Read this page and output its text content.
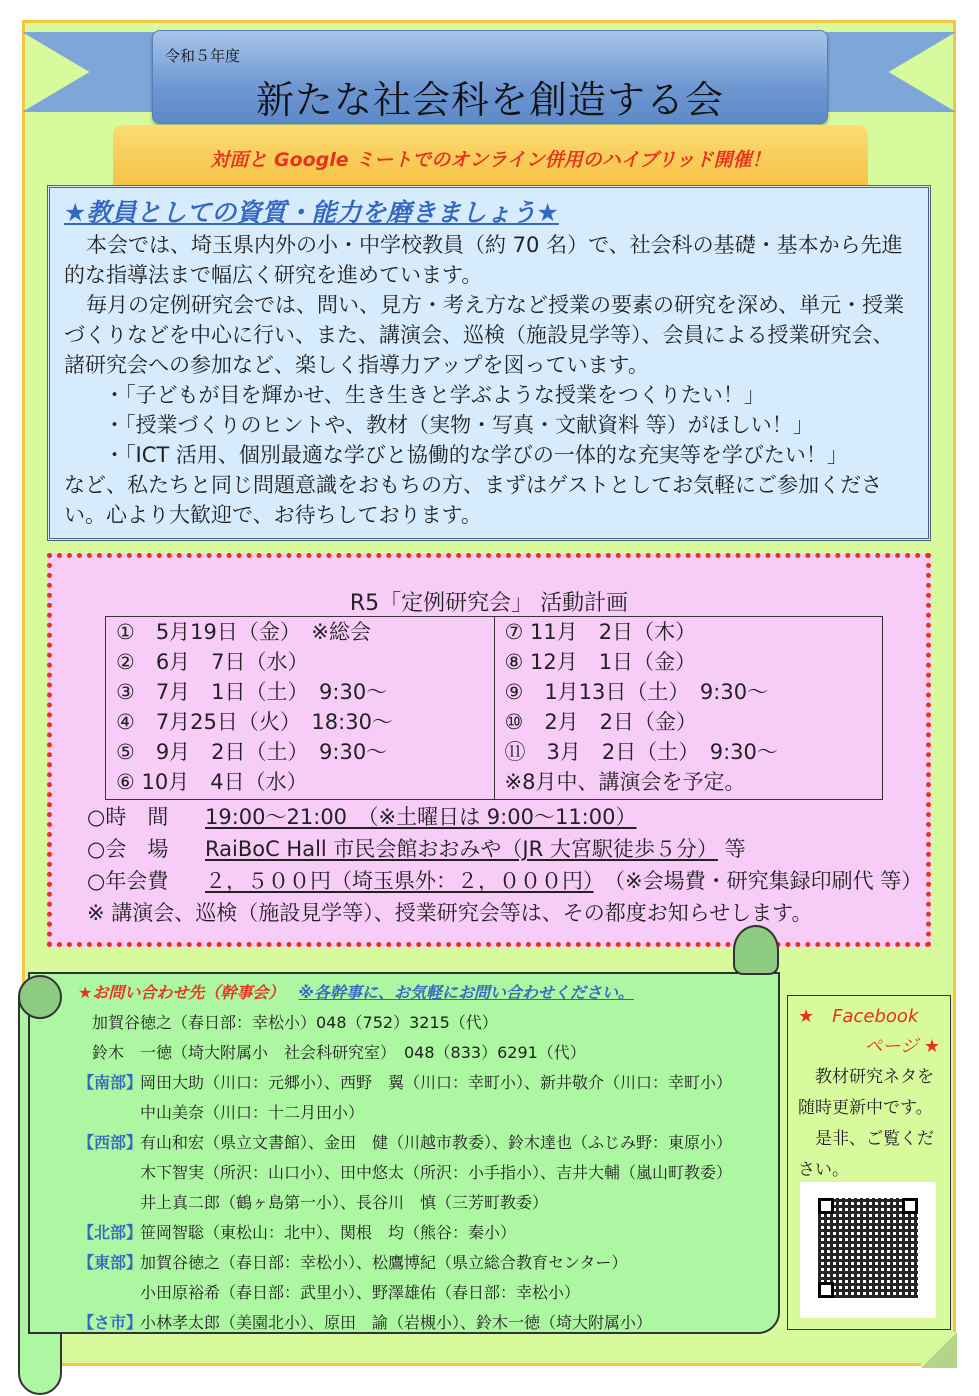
令和５年度
新たな社会科を創造する会
対面と Google ミートでのオンライン併用のハイブリッド開催！
★教員としての資質・能力を磨きましょう★

本会では、埼玉県内外の小・中学校教員（約 70 名）で、社会科の基礎・基本から先進的な指導法まで幅広く研究を進めています。

毎月の定例研究会では、問い、見方・考え方など授業の要素の研究を深め、単元・授業づくりなどを中心に行い、また、講演会、巡検（施設見学等）、会員による授業研究会、諸研究会への参加など、楽しく指導力アップを図っています。

・「子どもが目を輝かせ、生き生きと学ぶような授業をつくりたい！」

・「授業づくりのヒントや、教材（実物・写真・文献資料 等）がほしい！」

・「ICT 活用、個別最適な学びと協働的な学びの一体的な充実等を学びたい！」

など、私たちと同じ問題意識をおもちの方、まずはゲストとしてお気軽にご参加ください。心より大歓迎で、お待ちしております。

R5「定例研究会」 活動計画
①　5月19日（金）　※総会
②　6月　7日（水）
③　7月　1日（土）　9:30～
④　7月25日（火）　18:30～
⑤　9月　2日（土）　9:30～
⑥ 10月　4日（水）
⑦ 11月　2日（木）
⑧ 12月　1日（金）
⑨　1月13日（土）　9:30～
⑩　2月　2日（金）
⑪　3月　2日（土）　9:30～
※8月中、講演会を予定。
○時　間 19:00～21:00　（※土曜日は 9:00～11:00）
○会　場 RaiBoC Hall 市民会館おおみや（JR 大宮駅徒歩５分） 等
○年会費 ２，５００円（埼玉県外：２，０００円）　（※会場費・研究集録印刷代 等）
※ 講演会、巡検（施設見学等）、授業研究会等は、その都度お知らせします。
★お問い合わせ先（幹事会） ※各幹事に、お気軽にお問い合わせください。
加賀谷徳之（春日部：幸松小）048（752）3215（代）
鈴木　一徳（埼大附属小　社会科研究室）　048（833）6291（代）
【南部】岡田大助（川口：元郷小）、西野　翼（川口：幸町小）、新井敬介（川口：幸町小）
中山美奈（川口：十二月田小）
【西部】有山和宏（県立文書館）、金田　健（川越市教委）、鈴木達也（ふじみ野：東原小）
木下智実（所沢：山口小）、田中悠太（所沢：小手指小）、吉井大輔（嵐山町教委）
井上真二郎（鶴ヶ島第一小）、長谷川　慎（三芳町教委）
【北部】笹岡智聡（東松山：北中）、関根　均（熊谷：秦小）
【東部】加賀谷徳之（春日部：幸松小）、松鷹博紀（県立総合教育センター）
小田原裕希（春日部：武里小）、野澤雄佑（春日部：幸松小）
【さ市】小林孝太郎（美園北小）、原田　諭（岩槻小）、鈴木一徳（埼大附属小）
★　Facebook
ページ ★
　教材研究ネタを随時更新中です。
　是非、ご覧ください。
